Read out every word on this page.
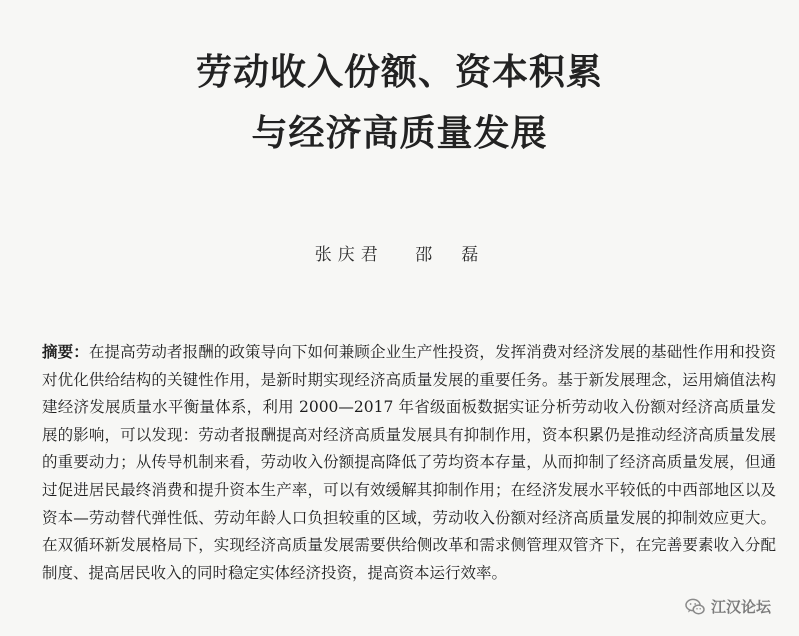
劳动收入份额、资本积累
与经济高质量发展
张庆君 邵　磊
摘要：在提高劳动者报酬的政策导向下如何兼顾企业生产性投资，发挥消费对经济发展的基础性作用和投资对优化供给结构的关键性作用，是新时期实现经济高质量发展的重要任务。基于新发展理念，运用熵值法构建经济发展质量水平衡量体系，利用 2000—2017 年省级面板数据实证分析劳动收入份额对经济高质量发展的影响，可以发现：劳动者报酬提高对经济高质量发展具有抑制作用，资本积累仍是推动经济高质量发展的重要动力；从传导机制来看，劳动收入份额提高降低了劳均资本存量，从而抑制了经济高质量发展，但通过促进居民最终消费和提升资本生产率，可以有效缓解其抑制作用；在经济发展水平较低的中西部地区以及资本—劳动替代弹性低、劳动年龄人口负担较重的区域，劳动收入份额对经济高质量发展的抑制效应更大。在双循环新发展格局下，实现经济高质量发展需要供给侧改革和需求侧管理双管齐下，在完善要素收入分配制度、提高居民收入的同时稳定实体经济投资，提高资本运行效率。
江汉论坛
